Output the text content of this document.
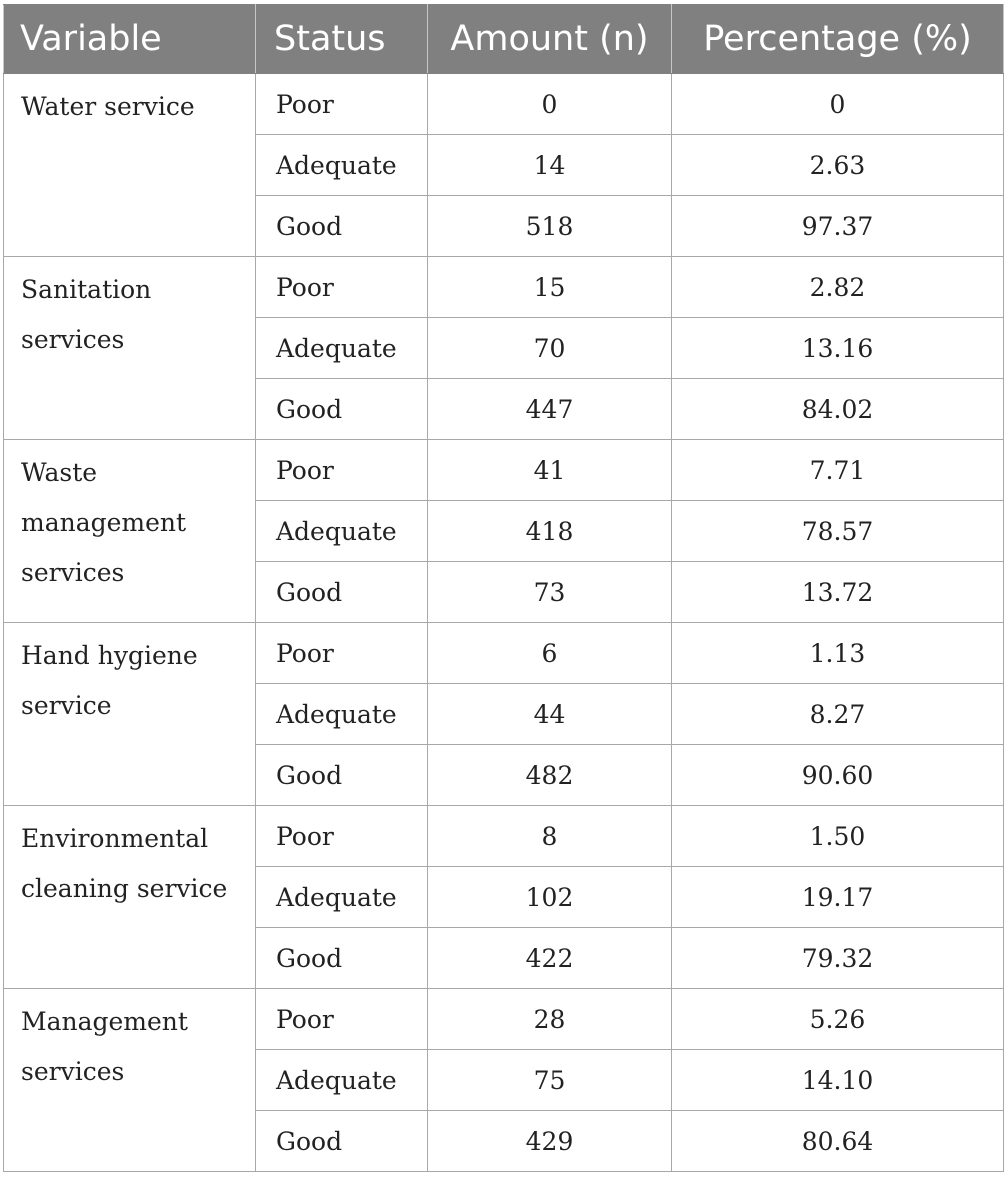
Variable	Status	Amount (n)	Percentage (%)

Water service	Poor	0	0
	Adequate	14	2.63
	Good	518	97.37

Sanitation services	Poor	15	2.82
	Adequate	70	13.16
	Good	447	84.02

Waste management services	Poor	41	7.71
	Adequate	418	78.57
	Good	73	13.72

Hand hygiene service	Poor	6	1.13
	Adequate	44	8.27
	Good	482	90.60

Environmental cleaning service	Poor	8	1.50
	Adequate	102	19.17
	Good	422	79.32

Management services	Poor	28	5.26
	Adequate	75	14.10
	Good	429	80.64
